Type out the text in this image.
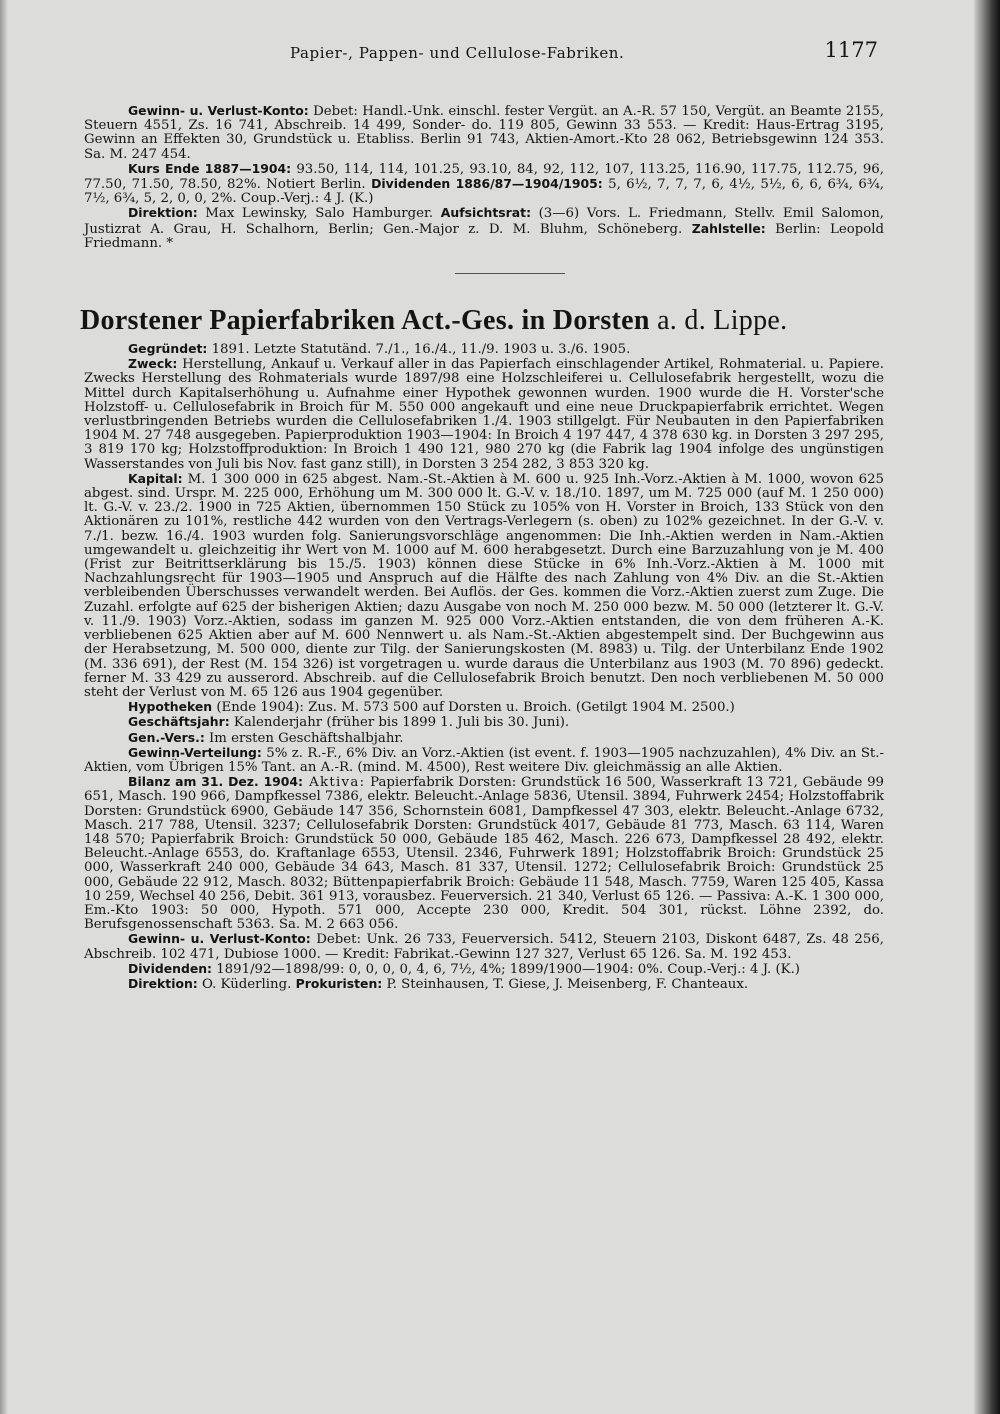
Papier-, Pappen- und Cellulose-Fabriken.	1177

Gewinn- u. Verlust-Konto: Debet: Handl.-Unk. einschl. fester Vergüt. an A.-R. 57 150, Vergüt. an Beamte 2155, Steuern 4551, Zs. 16 741, Abschreib. 14 499, Sonder- do. 119 805, Gewinn 33 553. — Kredit: Haus-Ertrag 3195, Gewinn an Effekten 30, Grundstück u. Etabliss. Berlin 91 743, Aktien-Amort.-Kto 28 062, Betriebsgewinn 124 353. Sa. M. 247 454.

Kurs Ende 1887—1904: 93.50, 114, 114, 101.25, 93.10, 84, 92, 112, 107, 113.25, 116.90, 117.75, 112.75, 96, 77.50, 71.50, 78.50, 82%. Notiert Berlin. Dividenden 1886/87—1904/1905: 5, 6½, 7, 7, 7, 6, 4½, 5½, 6, 6, 6¾, 6¾, 7½, 6¾, 5, 2, 0, 0, 2%. Coup.-Verj.: 4 J. (K.)

Direktion: Max Lewinsky, Salo Hamburger. Aufsichtsrat: (3—6) Vors. L. Friedmann, Stellv. Emil Salomon, Justizrat A. Grau, H. Schalhorn, Berlin; Gen.-Major z. D. M. Bluhm, Schöneberg. Zahlstelle: Berlin: Leopold Friedmann. *

Dorstener Papierfabriken Act.-Ges. in Dorsten a. d. Lippe.

Gegründet: 1891. Letzte Statutänd. 7./1., 16./4., 11./9. 1903 u. 3./6. 1905.

Zweck: Herstellung, Ankauf u. Verkauf aller in das Papierfach einschlagender Artikel, Rohmaterial. u. Papiere. Zwecks Herstellung des Rohmaterials wurde 1897/98 eine Holzschleiferei u. Cellulosefabrik hergestellt, wozu die Mittel durch Kapitalserhöhung u. Aufnahme einer Hypothek gewonnen wurden. 1900 wurde die H. Vorster'sche Holzstoff- u. Cellulosefabrik in Broich für M. 550 000 angekauft und eine neue Druckpapierfabrik errichtet. Wegen verlustbringenden Betriebs wurden die Cellulosefabriken 1./4. 1903 stillgelgt. Für Neubauten in den Papierfabriken 1904 M. 27 748 ausgegeben. Papierproduktion 1903—1904: In Broich 4 197 447, 4 378 630 kg. in Dorsten 3 297 295, 3 819 170 kg; Holzstoffproduktion: In Broich 1 490 121, 980 270 kg (die Fabrik lag 1904 infolge des ungünstigen Wasserstandes von Juli bis Nov. fast ganz still), in Dorsten 3 254 282, 3 853 320 kg.

Kapital: M. 1 300 000 in 625 abgest. Nam.-St.-Aktien à M. 600 u. 925 Inh.-Vorz.-Aktien à M. 1000, wovon 625 abgest. sind. Urspr. M. 225 000, Erhöhung um M. 300 000 lt. G.-V. v. 18./10. 1897, um M. 725 000 (auf M. 1 250 000) lt. G.-V. v. 23./2. 1900 in 725 Aktien, übernommen 150 Stück zu 105% von H. Vorster in Broich, 133 Stück von den Aktionären zu 101%, restliche 442 wurden von den Vertrags-Verlegern (s. oben) zu 102% gezeichnet. In der G.-V. v. 7./1. bezw. 16./4. 1903 wurden folg. Sanierungsvorschläge angenommen: Die Inh.-Aktien werden in Nam.-Aktien umgewandelt u. gleichzeitig ihr Wert von M. 1000 auf M. 600 herabgesetzt. Durch eine Barzuzahlung von je M. 400 (Frist zur Beitrittserklärung bis 15./5. 1903) können diese Stücke in 6% Inh.-Vorz.-Aktien à M. 1000 mit Nachzahlungsrecht für 1903—1905 und Anspruch auf die Hälfte des nach Zahlung von 4% Div. an die St.-Aktien verbleibenden Überschusses verwandelt werden. Bei Auflös. der Ges. kommen die Vorz.-Aktien zuerst zum Zuge. Die Zuzahl. erfolgte auf 625 der bisherigen Aktien; dazu Ausgabe von noch M. 250 000 bezw. M. 50 000 (letzterer lt. G.-V. v. 11./9. 1903) Vorz.-Aktien, sodass im ganzen M. 925 000 Vorz.-Aktien entstanden, die von dem früheren A.-K. verbliebenen 625 Aktien aber auf M. 600 Nennwert u. als Nam.-St.-Aktien abgestempelt sind. Der Buchgewinn aus der Herabsetzung, M. 500 000, diente zur Tilg. der Sanierungskosten (M. 8983) u. Tilg. der Unterbilanz Ende 1902 (M. 336 691), der Rest (M. 154 326) ist vorgetragen u. wurde daraus die Unterbilanz aus 1903 (M. 70 896) gedeckt. ferner M. 33 429 zu ausserord. Abschreib. auf die Cellulosefabrik Broich benutzt. Den noch verbliebenen M. 50 000 steht der Verlust von M. 65 126 aus 1904 gegenüber.

Hypotheken (Ende 1904): Zus. M. 573 500 auf Dorsten u. Broich. (Getilgt 1904 M. 2500.)

Geschäftsjahr: Kalenderjahr (früher bis 1899 1. Juli bis 30. Juni).

Gen.-Vers.: Im ersten Geschäftshalbjahr.

Gewinn-Verteilung: 5% z. R.-F., 6% Div. an Vorz.-Aktien (ist event. f. 1903—1905 nachzuzahlen), 4% Div. an St.-Aktien, vom Übrigen 15% Tant. an A.-R. (mind. M. 4500), Rest weitere Div. gleichmässig an alle Aktien.

Bilanz am 31. Dez. 1904: Aktiva: Papierfabrik Dorsten: Grundstück 16 500, Wasserkraft 13 721, Gebäude 99 651, Masch. 190 966, Dampfkessel 7386, elektr. Beleucht.-Anlage 5836, Utensil. 3894, Fuhrwerk 2454; Holzstoffabrik Dorsten: Grundstück 6900, Gebäude 147 356, Schornstein 6081, Dampfkessel 47 303, elektr. Beleucht.-Anlage 6732, Masch. 217 788, Utensil. 3237; Cellulosefabrik Dorsten: Grundstück 4017, Gebäude 81 773, Masch. 63 114, Waren 148 570; Papierfabrik Broich: Grundstück 50 000, Gebäude 185 462, Masch. 226 673, Dampfkessel 28 492, elektr. Beleucht.-Anlage 6553, do. Kraftanlage 6553, Utensil. 2346, Fuhrwerk 1891; Holzstoffabrik Broich: Grundstück 25 000, Wasserkraft 240 000, Gebäude 34 643, Masch. 81 337, Utensil. 1272; Cellulosefabrik Broich: Grundstück 25 000, Gebäude 22 912, Masch. 8032; Büttenpapierfabrik Broich: Gebäude 11 548, Masch. 7759, Waren 125 405, Kassa 10 259, Wechsel 40 256, Debit. 361 913, vorausbez. Feuerversich. 21 340, Verlust 65 126. — Passiva: A.-K. 1 300 000, Em.-Kto 1903: 50 000, Hypoth. 571 000, Accepte 230 000, Kredit. 504 301, rückst. Löhne 2392, do. Berufsgenossenschaft 5363. Sa. M. 2 663 056.

Gewinn- u. Verlust-Konto: Debet: Unk. 26 733, Feuerversich. 5412, Steuern 2103, Diskont 6487, Zs. 48 256, Abschreib. 102 471, Dubiose 1000. — Kredit: Fabrikat.-Gewinn 127 327, Verlust 65 126. Sa. M. 192 453.

Dividenden: 1891/92—1898/99: 0, 0, 0, 0, 4, 6, 7½, 4%; 1899/1900—1904: 0%. Coup.-Verj.: 4 J. (K.)

Direktion: O. Küderling. Prokuristen: P. Steinhausen, T. Giese, J. Meisenberg, F. Chanteaux.
